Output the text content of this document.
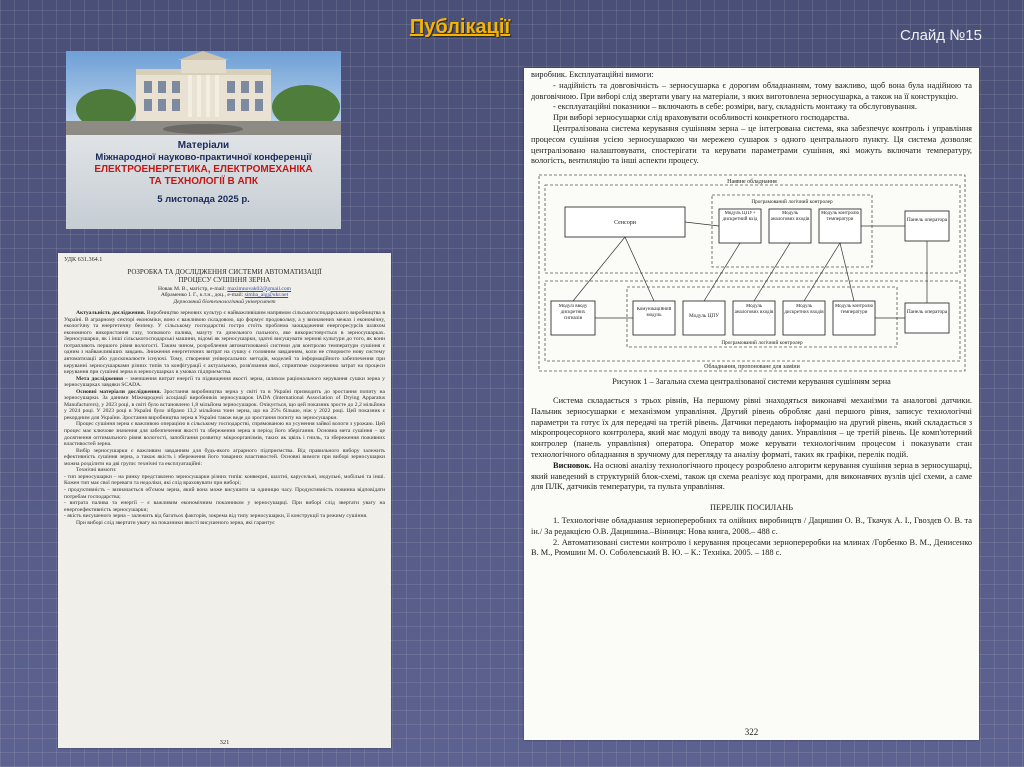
Публікації	Слайд №15
Матеріали
Міжнародної науково-практичної конференції
ЕЛЕКТРОЕНЕРГЕТИКА, ЕЛЕКТРОМЕХАНІКА
ТА ТЕХНОЛОГІЇ В АПК
5 листопада 2025 р.
УДК 631.364.1
РОЗРОБКА ТА ДОСЛІДЖЕННЯ СИСТЕМИ АВТОМАТИЗАЦІЇ
ПРОЦЕСУ СУШІННЯ ЗЕРНА
Новак М. В., магістр, e-mail: maximnovak02@gmail.com
Абраменко І. Г., к.т.н., доц., e-mail: simba_aig@ukr.net
Державний біотехнологічний університет

Актуальність дослідження. Виробництво зернових культур є найважливішим напрямом сільськогосподарського виробництва в Україні. В аграрному секторі економіки, воно є важливою складовою, що формує продовольчу, а у визначених межах і економічну, екологічну та енергетичну безпеку. У сільському господарстві гостро стоїть проблема заощадження енергоресурсів шляхом економного використання газу, топкового палива, мазуту та дизельного пального, яке використовується в зерносушарках. Зерносушарки, як і інші сільськогосподарські машини, відомі як зерносушарки, здатні висушувати зернові культури до того, як вони потрапляють першого рівня вологості. Таким чином, розроблення автоматизованої системи для контролю температури сушіння є одним з найважливіших завдань. Зниження енергетичних витрат на сушку є головним завданням, коли не створюєте нову систему автоматизації або удосконалюєте існуючі. Тому, створення універсальних методів, моделей та інформаційного забезпечення при керуванні зерносушарками різних типів та конфігурації є актуальною, розв'язання якої, сприятиме скороченню затрат на процеси керування при сушінні зерна в зерносушарках в умовах підприємства.

Мета дослідження – зменшення витрат енергії та підвищення якості зерна, шляхом раціонального керування сушки зерна у зерносушарках завдяки SCADA.

Основні матеріали дослідження. Зростання виробництва зерна у світі та в Україні призводить до зростання попиту на зерносушарки. За даними Міжнародної асоціації виробників зерносушарок IADA (International Association of Drying Apparatus Manufacturers), у 2023 році, в світі було встановлено 1,8 мільйона зерносушарок. Очікується, що цей показник зросте до 2,2 мільйона у 2024 році. У 2023 році в Україні було зібрано 13,2 мільйона тонн зерна, що на 25% більше, ніж у 2022 році. Цей показник є рекордним для України. Зростання виробництва зерна в Україні також веде до зростання попиту на зерносушарки.

Процес сушіння зерна є важливою операцією в сільському господарстві, спрямованою на усунення зайвої вологи з урожаю. Цей процес має ключове значення для забезпечення якості та збереження зерна в період його зберігання. Основна мета сушіння – це досягнення оптимального рівня вологості, запобігання розвитку мікроорганізмів, таких як цвіль і гниль, та збереження поживних властивостей зерна.

Вибір зерносушарки є важливим завданням для будь-якого аграрного підприємства. Від правильного вибору залежить ефективність сушіння зерна, а також якість і збереження його товарних властивостей. Основні вимоги при виборі зерносушарки можна розділити на дві групи: технічні та експлуатаційні:

Технічні вимоги:

- тип зерносушарки – на ринку представлено зерносушарки різних типів: конвеєрні, шахтні, карусельні, модульні, мобільні та інші. Кожен тип має свої переваги та недоліки, які слід враховувати при виборі;

- продуктивність – визначається об'ємом зерна, який вона може висушити за одиницю часу. Продуктивність повинна відповідати потребам господарства;

- витрата палива та енергії – є важливим економічним показником у зерносушарці. При виборі слід звертати увагу на енергоефективність зерносушарки;

- якість висушеного зерна – залежить від багатьох факторів, зокрема від типу зерносушарки, її конструкції та режиму сушіння.

При виборі слід звертати увагу на показники якості висушеного зерна, які гарантує

321

виробник. Експлуатаційні вимоги:

- надійність та довговічність – зерносушарка є дорогим обладнанням, тому важливо, щоб вона була надійною та довговічною. При виборі слід звертати увагу на матеріали, з яких виготовлена зерносушарка, а також на її конструкцію.

- експлуатаційні показники – включають в себе: розміри, вагу, складність монтажу та обслуговування.

При виборі зерносушарки слід враховувати особливості конкретного господарства.

Централізована система керування сушінням зерна – це інтегрована система, яка забезпечує контроль і управління процесом сушіння усією зерносушаркою чи мережею сушарок з одного центрального пункту. Ця система дозволяє централізовано налаштовувати, спостерігати та керувати параметрами сушіння, які можуть включати температуру, вологість, вентиляцію та інші аспекти процесу.

Наявне обладнання
Програмований логічний контролер
Сенсори
Модуль ЦПУ+ дискретний вхід
Модуль аналогових входів
Модуль контролю температури	Панель оператора
Модулі вводу дискретних сигналів
Комунікаційний модуль	Модуль ЦПУ
Модуль аналогових входів
Модуль дискретних входів
Модуль контролю температури	Панель оператора
Програмований логічний контролер
Обладнання, пропоноване для заміни
Рисунок 1 – Загальна схема централізованої системи керування сушінням зерна

Система складається з трьох рівнів, На першому рівні знаходяться виконавчі механізми та аналогові датчики. Пальник зерносушарки є механізмом управління. Другий рівень обробляє дані першого рівня, записує технологічні параметри та готує їх для передачі на третій рівень. Датчики передають інформацію на другий рівень, який складається з мікропроцесорного контролера, який має модулі вводу та виводу даних. Управління – це третій рівень. Це комп'ютерний контролер (панель управління) оператора. Оператор може керувати технологічним процесом і показувати стан технологічного обладнання в зручному для перегляду та аналізу форматі, таких як графіки, перелік подій.

Висновок. На основі аналізу технологічного процесу розроблено алгоритм керування сушіння зерна в зерносушарці, який наведений в структурній блок-схемі, також ця схема реалізує код програми, для виконавчих вузлів цієї схеми, а саме для ПЛК, датчиків температури, та пульта управління.

ПЕРЕЛІК ПОСИЛАНЬ

1. Технологічне обладнання зернопереробних та олійних виробництв / Дацишин О. В., Ткачук А. І., Гвоздєв О. В. та ін./ За редакцією О.В. Дацишина.–Вінниця: Нова книга, 2008.– 488 с.

2. Автоматизовані системи контролю і керування процесами зернопереробки на млинах /Горбенко В. М., Денисенко В. М., Рюмшин М. О. Соболевський В. Ю. – К.: Техніка. 2005. – 188 с.

322
